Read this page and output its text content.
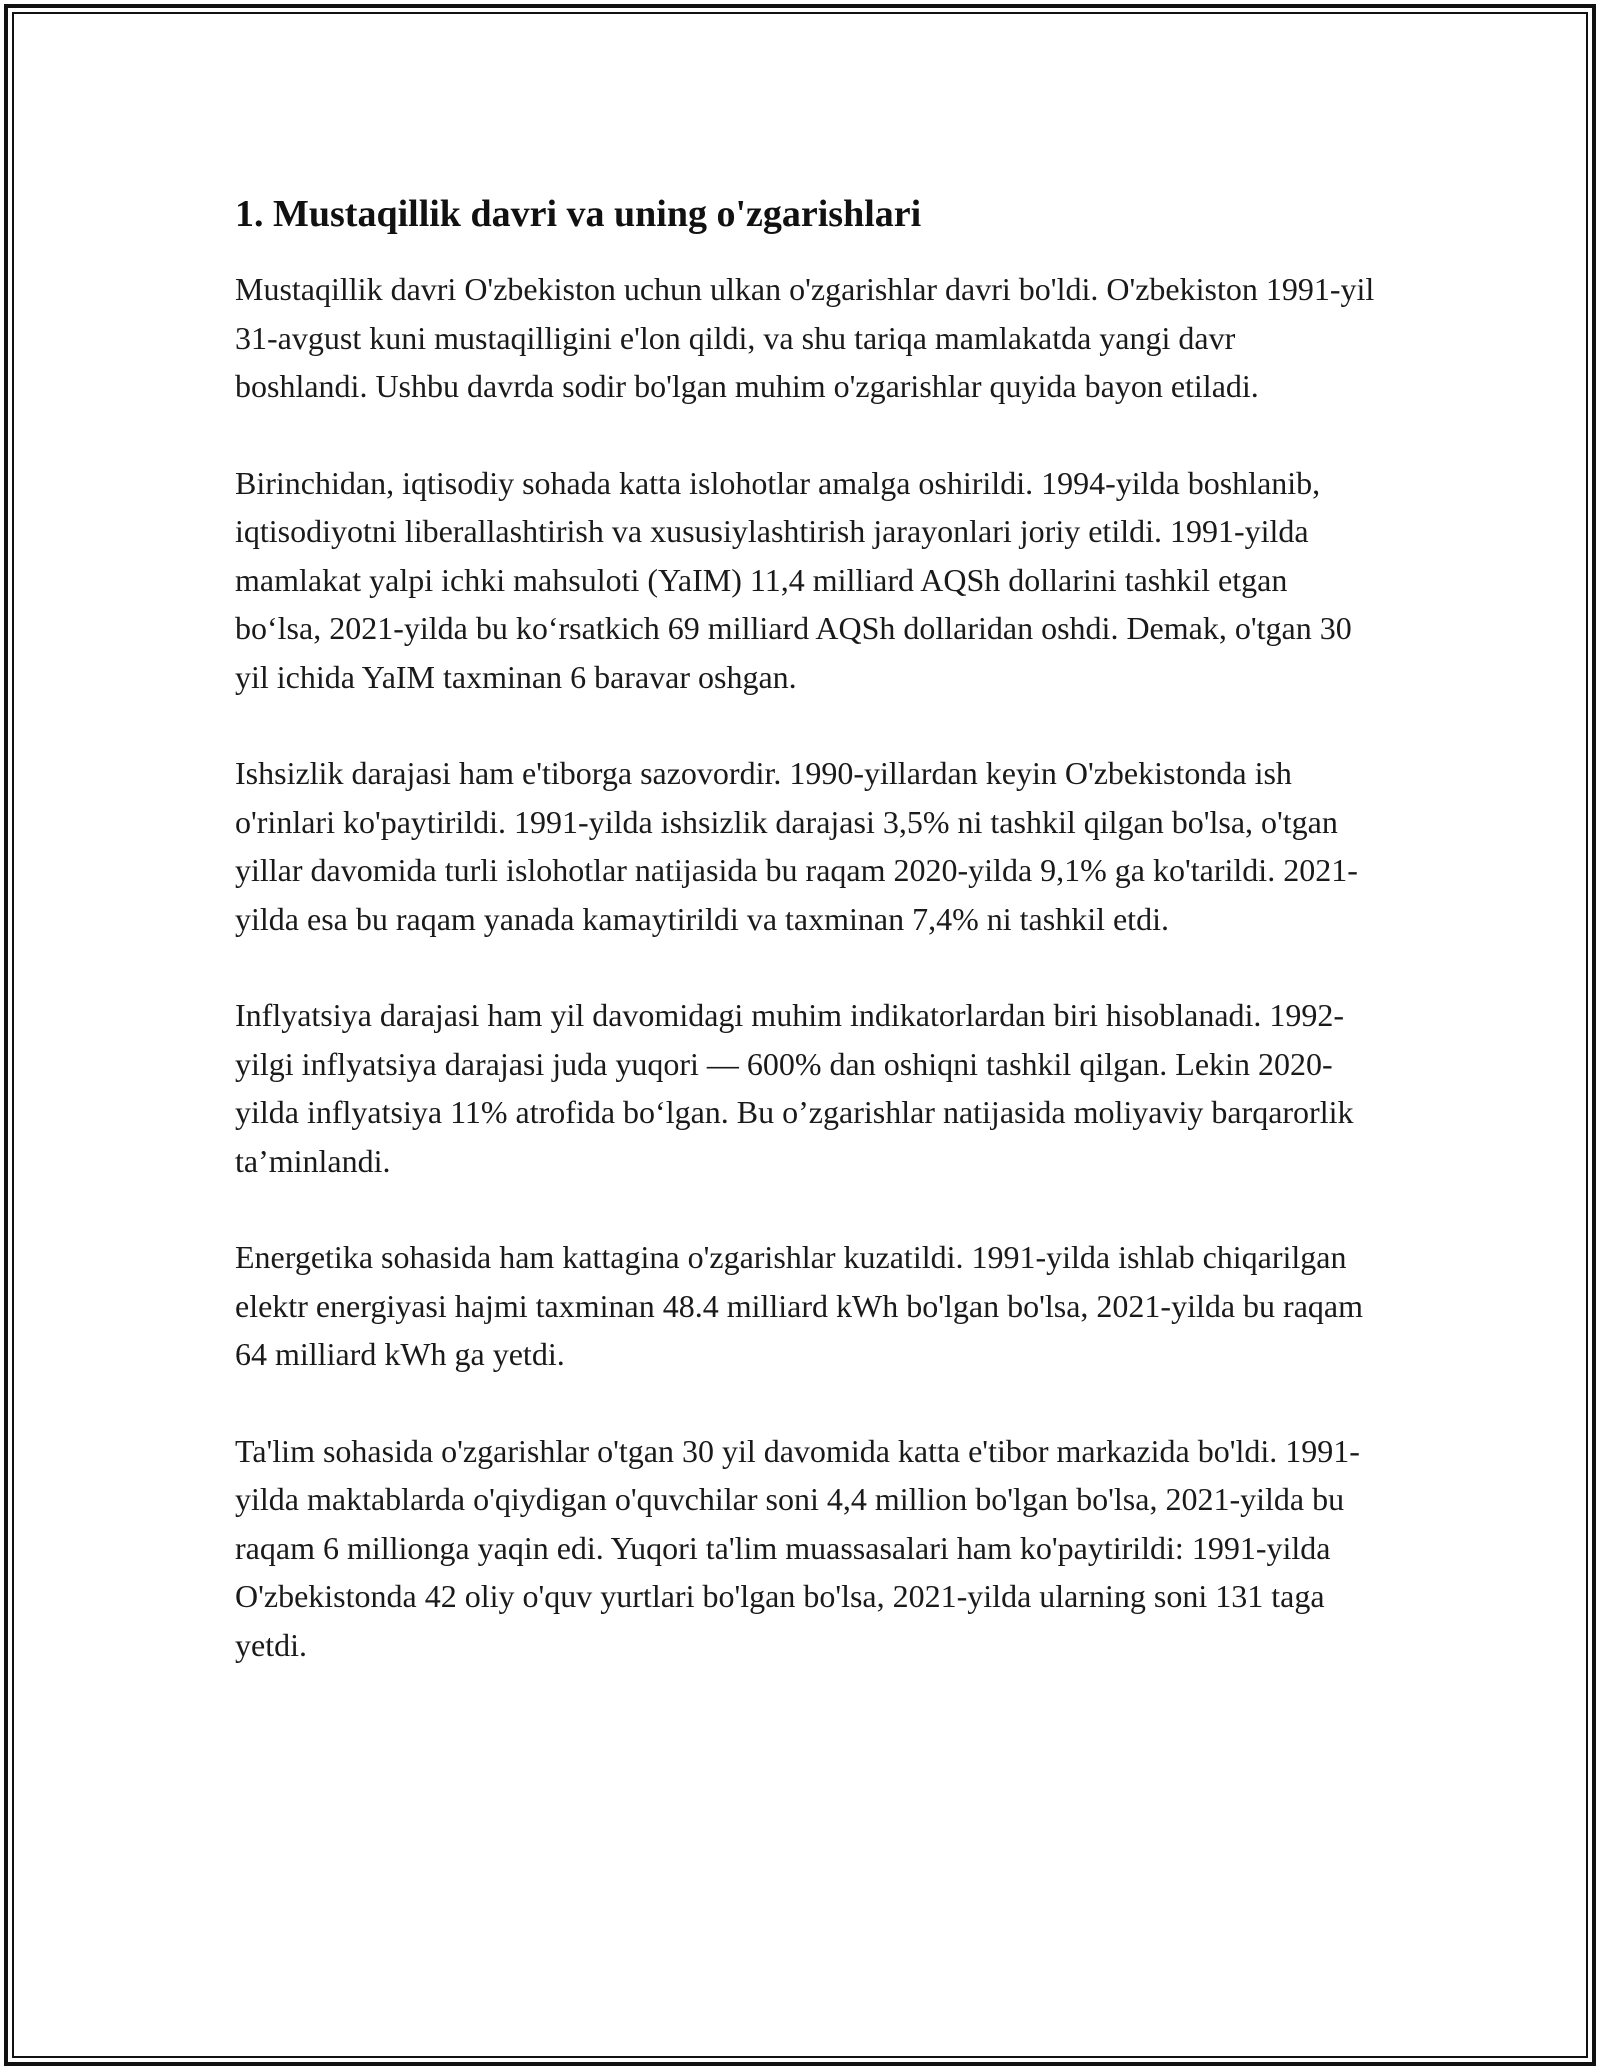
1. Mustaqillik davri va uning o'zgarishlari

Mustaqillik davri O'zbekiston uchun ulkan o'zgarishlar davri bo'ldi. O'zbekiston 1991-yil 31-avgust kuni mustaqilligini e'lon qildi, va shu tariqa mamlakatda yangi davr boshlandi. Ushbu davrda sodir bo'lgan muhim o'zgarishlar quyida bayon etiladi.

Birinchidan, iqtisodiy sohada katta islohotlar amalga oshirildi. 1994-yilda boshlanib, iqtisodiyotni liberallashtirish va xususiylashtirish jarayonlari joriy etildi. 1991-yilda mamlakat yalpi ichki mahsuloti (YaIM) 11,4 milliard AQSh dollarini tashkil etgan bo‘lsa, 2021-yilda bu ko‘rsatkich 69 milliard AQSh dollaridan oshdi. Demak, o'tgan 30 yil ichida YaIM taxminan 6 baravar oshgan.

Ishsizlik darajasi ham e'tiborga sazovordir. 1990-yillardan keyin O'zbekistonda ish o'rinlari ko'paytirildi. 1991-yilda ishsizlik darajasi 3,5% ni tashkil qilgan bo'lsa, o'tgan yillar davomida turli islohotlar natijasida bu raqam 2020-yilda 9,1% ga ko'tarildi. 2021-yilda esa bu raqam yanada kamaytirildi va taxminan 7,4% ni tashkil etdi.

Inflyatsiya darajasi ham yil davomidagi muhim indikatorlardan biri hisoblanadi. 1992-yilgi inflyatsiya darajasi juda yuqori — 600% dan oshiqni tashkil qilgan. Lekin 2020-yilda inflyatsiya 11% atrofida bo‘lgan. Bu o’zgarishlar natijasida moliyaviy barqarorlik ta’minlandi.

Energetika sohasida ham kattagina o'zgarishlar kuzatildi. 1991-yilda ishlab chiqarilgan elektr energiyasi hajmi taxminan 48.4 milliard kWh bo'lgan bo'lsa, 2021-yilda bu raqam 64 milliard kWh ga yetdi.

Ta'lim sohasida o'zgarishlar o'tgan 30 yil davomida katta e'tibor markazida bo'ldi. 1991-yilda maktablarda o'qiydigan o'quvchilar soni 4,4 million bo'lgan bo'lsa, 2021-yilda bu raqam 6 millionga yaqin edi. Yuqori ta'lim muassasalari ham ko'paytirildi: 1991-yilda O'zbekistonda 42 oliy o'quv yurtlari bo'lgan bo'lsa, 2021-yilda ularning soni 131 taga yetdi.
